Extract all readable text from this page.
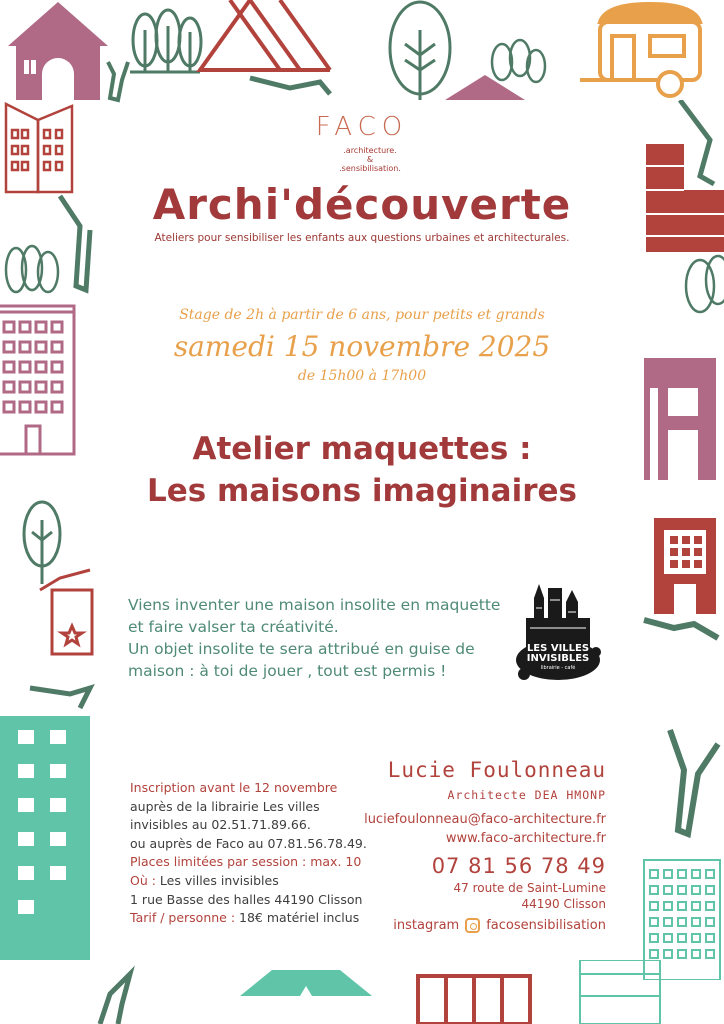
FACO
.architecture.
&
.sensibilisation.
Archi'découverte
Ateliers pour sensibiliser les enfants aux questions urbaines et architecturales.
Stage de 2h à partir de 6 ans, pour petits et grands
samedi 15 novembre 2025
de 15h00 à 17h00
Atelier maquettes :
Les maisons imaginaires
Viens inventer une maison insolite en maquette
et faire valser ta créativité.
Un objet insolite te sera attribué en guise de
maison : à toi de jouer , tout est permis !
LES VILLES
INVISIBLES
librairie - café
Inscription avant le 12 novembre
auprès de la librairie Les villes
invisibles au 02.51.71.89.66.
ou auprès de Faco au 07.81.56.78.49.
Places limitées par session : max. 10
Où : Les villes invisibles
1 rue Basse des halles 44190 Clisson
Tarif / personne : 18€ matériel inclus
Lucie Foulonneau
Architecte DEA HMONP
luciefoulonneau@faco-architecture.fr
www.faco-architecture.fr
07 81 56 78 49
47 route de Saint-Lumine
44190 Clisson
instagram facosensibilisation
